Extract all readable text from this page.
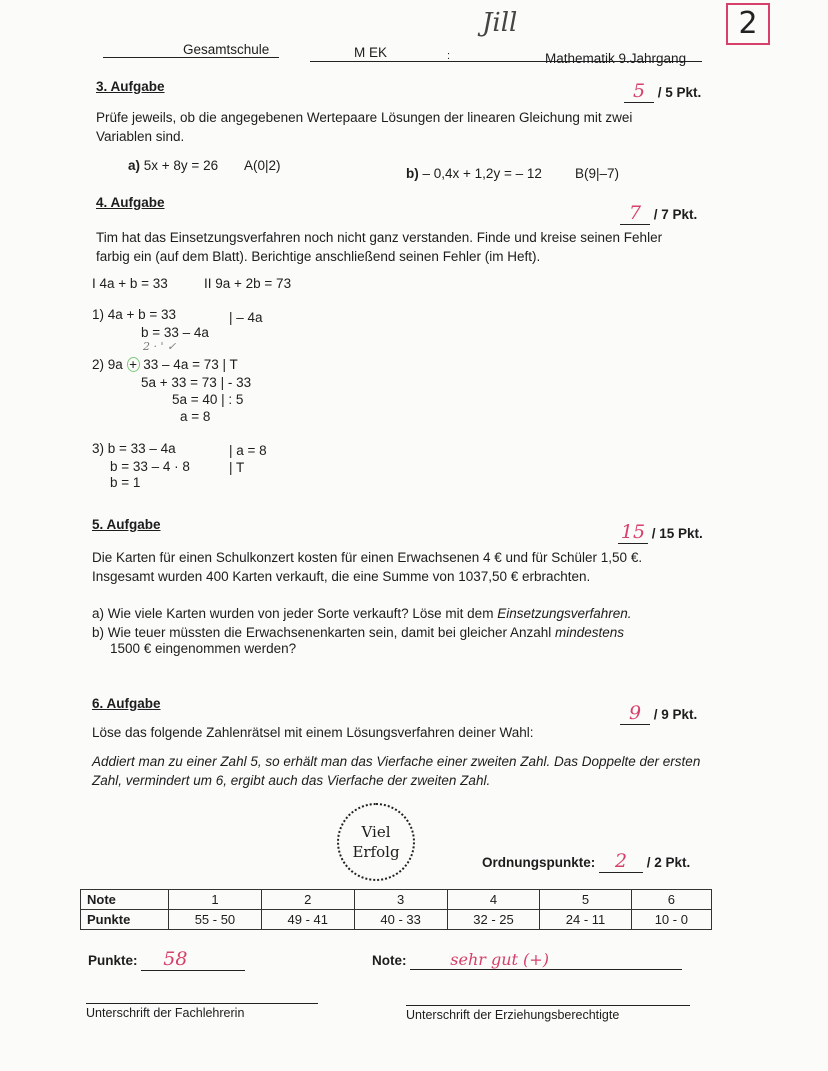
2
Jill
Gesamtschule	M EK	:	Mathematik 9.Jahrgang
3. Aufgabe	5 / 5 Pkt.
Prüfe jeweils, ob die angegebenen Wertepaare Lösungen der linearen Gleichung mit zwei Variablen sind.
a) 5x + 8y = 26 A(0|2)
b) – 0,4x + 1,2y = – 12 B(9|–7)
4. Aufgabe	7 / 7 Pkt.
Tim hat das Einsetzungsverfahren noch nicht ganz verstanden. Finde und kreise seinen Fehler farbig ein (auf dem Blatt). Berichtige anschließend seinen Fehler (im Heft).
I 4a + b = 33	II 9a + 2b = 73
1) 4a + b = 33	| – 4a
b = 33 – 4a
2 · ' ✓
2) 9a + 33 – 4a = 73 | T
5a + 33 = 73 | - 33
5a = 40 | : 5
a = 8
3) b = 33 – 4a	| a = 8
b = 33 – 4 · 8	| T
b = 1
5. Aufgabe	15 / 15 Pkt.
Die Karten für einen Schulkonzert kosten für einen Erwachsenen 4 € und für Schüler 1,50 €. Insgesamt wurden 400 Karten verkauft, die eine Summe von 1037,50 € erbrachten.
a) Wie viele Karten wurden von jeder Sorte verkauft? Löse mit dem Einsetzungsverfahren.
b) Wie teuer müssten die Erwachsenenkarten sein, damit bei gleicher Anzahl mindestens
1500 € eingenommen werden?
6. Aufgabe	9 / 9 Pkt.
Löse das folgende Zahlenrätsel mit einem Lösungsverfahren deiner Wahl:
Addiert man zu einer Zahl 5, so erhält man das Vierfache einer zweiten Zahl. Das Doppelte der ersten Zahl, vermindert um 6, ergibt auch das Vierfache der zweiten Zahl.
Viel
Erfolg
Ordnungspunkte: 2 / 2 Pkt.
Note	1	2	3	4	5	6
Punkte	55 - 50	49 - 41	40 - 33	32 - 25	24 - 11	10 - 0
Punkte: 58	Note:	sehr gut (+)
Unterschrift der Fachlehrerin	Unterschrift der Erziehungsberechtigte
